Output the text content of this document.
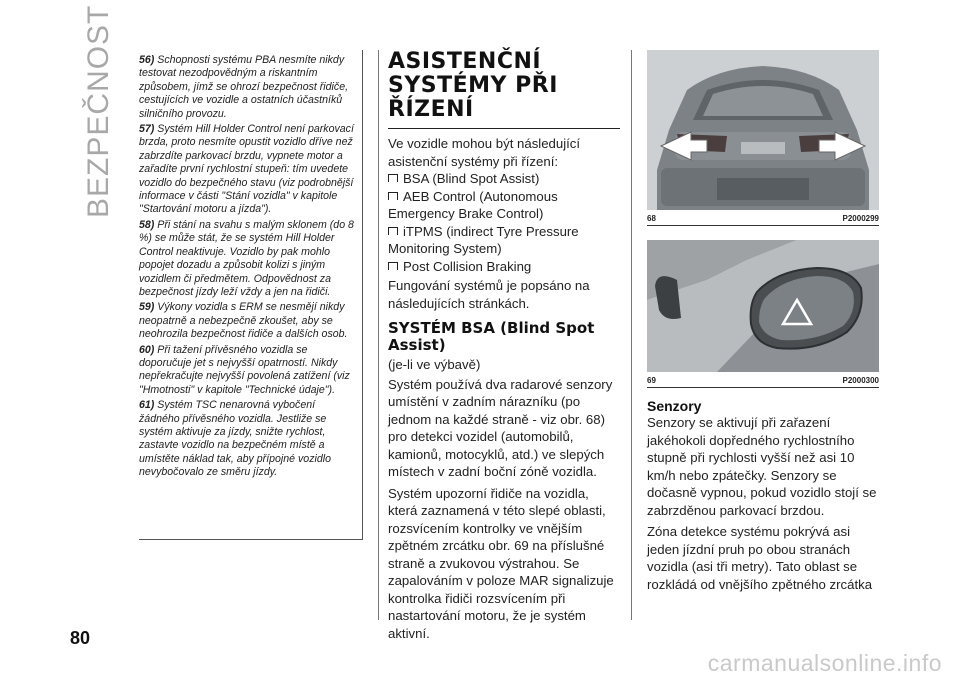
BEZPEČNOST 56) Schopnosti systému PBA nesmíte nikdy testovat nezodpovědným a riskantním způsobem, jímž se ohrozí bezpečnost řidiče, cestujících ve vozidle a ostatních účastníků silničního provozu.

57) Systém Hill Holder Control není parkovací brzda, proto nesmíte opustit vozidlo dříve než zabrzdíte parkovací brzdu, vypnete motor a zařadíte první rychlostní stupeň: tím uvedete vozidlo do bezpečného stavu (viz podrobnější informace v části "Stání vozidla" v kapitole "Startování motoru a jízda").

58) Při stání na svahu s malým sklonem (do 8 %) se může stát, že se systém Hill Holder Control neaktivuje. Vozidlo by pak mohlo popojet dozadu a způsobit kolizi s jiným vozidlem či předmětem. Odpovědnost za bezpečnost jízdy leží vždy a jen na řidiči.

59) Výkony vozidla s ERM se nesmějí nikdy neopatrně a nebezpečně zkoušet, aby se neohrozila bezpečnost řidiče a dalších osob.

60) Při tažení přívěsného vozidla se doporučuje jet s nejvyšší opatrností. Nikdy nepřekračujte nejvyšší povolená zatížení (viz "Hmotnosti" v kapitole "Technické údaje").

61) Systém TSC nenarovná vybočení žádného přívěsného vozidla. Jestliže se systém aktivuje za jízdy, snižte rychlost, zastavte vozidlo na bezpečném místě a umístěte náklad tak, aby přípojné vozidlo nevybočovalo ze směru jízdy.

ASISTENČNÍ SYSTÉMY PŘI ŘÍZENÍ

Ve vozidle mohou být následující asistenční systémy při řízení:

BSA (Blind Spot Assist)

AEB Control (Autonomous Emergency Brake Control)

iTPMS (indirect Tyre Pressure Monitoring System)

Post Collision Braking

Fungování systémů je popsáno na následujících stránkách.

SYSTÉM BSA (Blind Spot Assist)

(je-li ve výbavě)

Systém používá dva radarové senzory umístění v zadním nárazníku (po jednom na každé straně - viz obr. 68) pro detekci vozidel (automobilů, kamionů, motocyklů, atd.) ve slepých místech v zadní boční zóně vozidla.

Systém upozorní řidiče na vozidla, která zaznamená v této slepé oblasti, rozsvícením kontrolky ve vnějším zpětném zrcátku obr. 69 na příslušné straně a zvukovou výstrahou. Se zapalováním v poloze MAR signalizuje kontrolka řidiči rozsvícením při nastartování motoru, že je systém aktivní.

68	P2000299
69	P2000300
Senzory

Senzory se aktivují při zařazení jakéhokoli dopředného rychlostního stupně při rychlosti vyšší než asi 10 km/h nebo zpátečky. Senzory se dočasně vypnou, pokud vozidlo stojí se zabrzděnou parkovací brzdou.

Zóna detekce systému pokrývá asi jeden jízdní pruh po obou stranách vozidla (asi tři metry). Tato oblast se rozkládá od vnějšího zpětného zrcátka

80
carmanualsonline.info
